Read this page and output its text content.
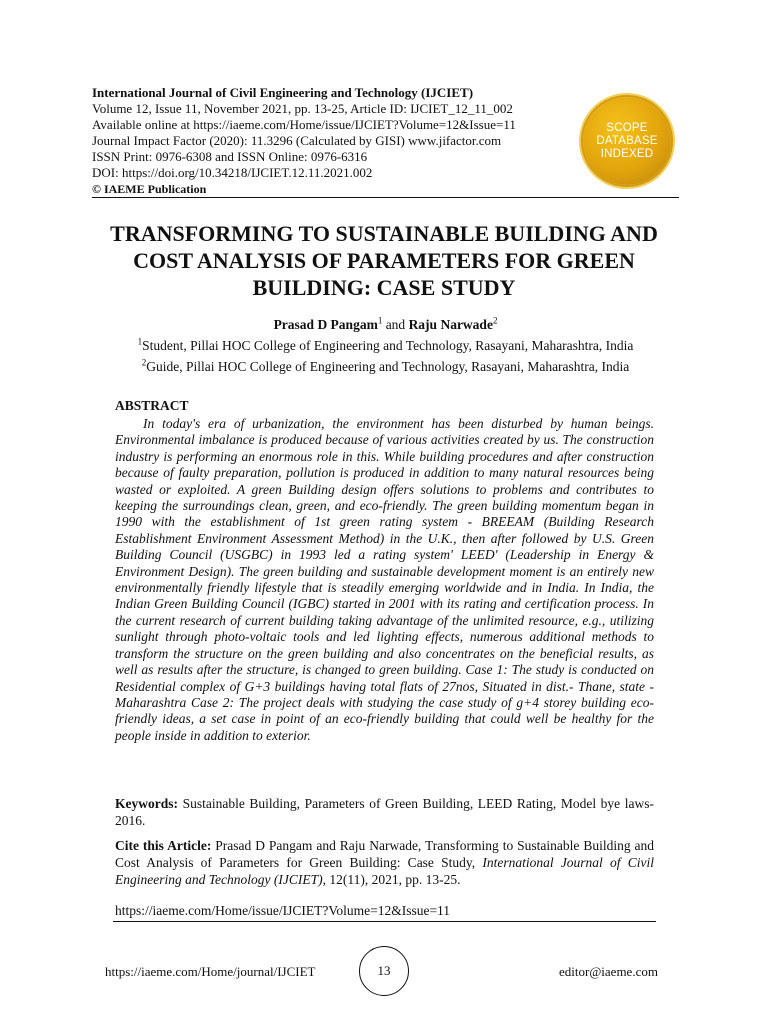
International Journal of Civil Engineering and Technology (IJCIET)
Volume 12, Issue 11, November 2021, pp. 13-25, Article ID: IJCIET_12_11_002
Available online at https://iaeme.com/Home/issue/IJCIET?Volume=12&Issue=11
Journal Impact Factor (2020): 11.3296 (Calculated by GISI) www.jifactor.com
ISSN Print: 0976-6308 and ISSN Online: 0976-6316
DOI: https://doi.org/10.34218/IJCIET.12.11.2021.002
© IAEME Publication
SCOPE
DATABASE
INDEXED
TRANSFORMING TO SUSTAINABLE BUILDING AND COST ANALYSIS OF PARAMETERS FOR GREEN BUILDING: CASE STUDY
Prasad D Pangam$^1$ and Raju Narwade$^2$
$^1$Student, Pillai HOC College of Engineering and Technology, Rasayani, Maharashtra, India
$^2$Guide, Pillai HOC College of Engineering and Technology, Rasayani, Maharashtra, India
ABSTRACT

In today's era of urbanization, the environment has been disturbed by human beings. Environmental imbalance is produced because of various activities created by us. The construction industry is performing an enormous role in this. While building procedures and after construction because of faulty preparation, pollution is produced in addition to many natural resources being wasted or exploited. A green Building design offers solutions to problems and contributes to keeping the surroundings clean, green, and eco-friendly. The green building momentum began in 1990 with the establishment of 1st green rating system - BREEAM (Building Research Establishment Environment Assessment Method) in the U.K., then after followed by U.S. Green Building Council (USGBC) in 1993 led a rating system' LEED' (Leadership in Energy & Environment Design). The green building and sustainable development moment is an entirely new environmentally friendly lifestyle that is steadily emerging worldwide and in India. In India, the Indian Green Building Council (IGBC) started in 2001 with its rating and certification process. In the current research of current building taking advantage of the unlimited resource, e.g., utilizing sunlight through photo-voltaic tools and led lighting effects, numerous additional methods to transform the structure on the green building and also concentrates on the beneficial results, as well as results after the structure, is changed to green building. Case 1: The study is conducted on Residential complex of G+3 buildings having total flats of 27nos, Situated in dist.- Thane, state - Maharashtra Case 2: The project deals with studying the case study of g+4 storey building eco-friendly ideas, a set case in point of an eco-friendly building that could well be healthy for the people inside in addition to exterior.

Keywords: Sustainable Building, Parameters of Green Building, LEED Rating, Model bye laws-2016.

Cite this Article: Prasad D Pangam and Raju Narwade, Transforming to Sustainable Building and Cost Analysis of Parameters for Green Building: Case Study, International Journal of Civil Engineering and Technology (IJCIET), 12(11), 2021, pp. 13-25.

https://iaeme.com/Home/issue/IJCIET?Volume=12&Issue=11
https://iaeme.com/Home/journal/IJCIET	13	editor@iaeme.com
